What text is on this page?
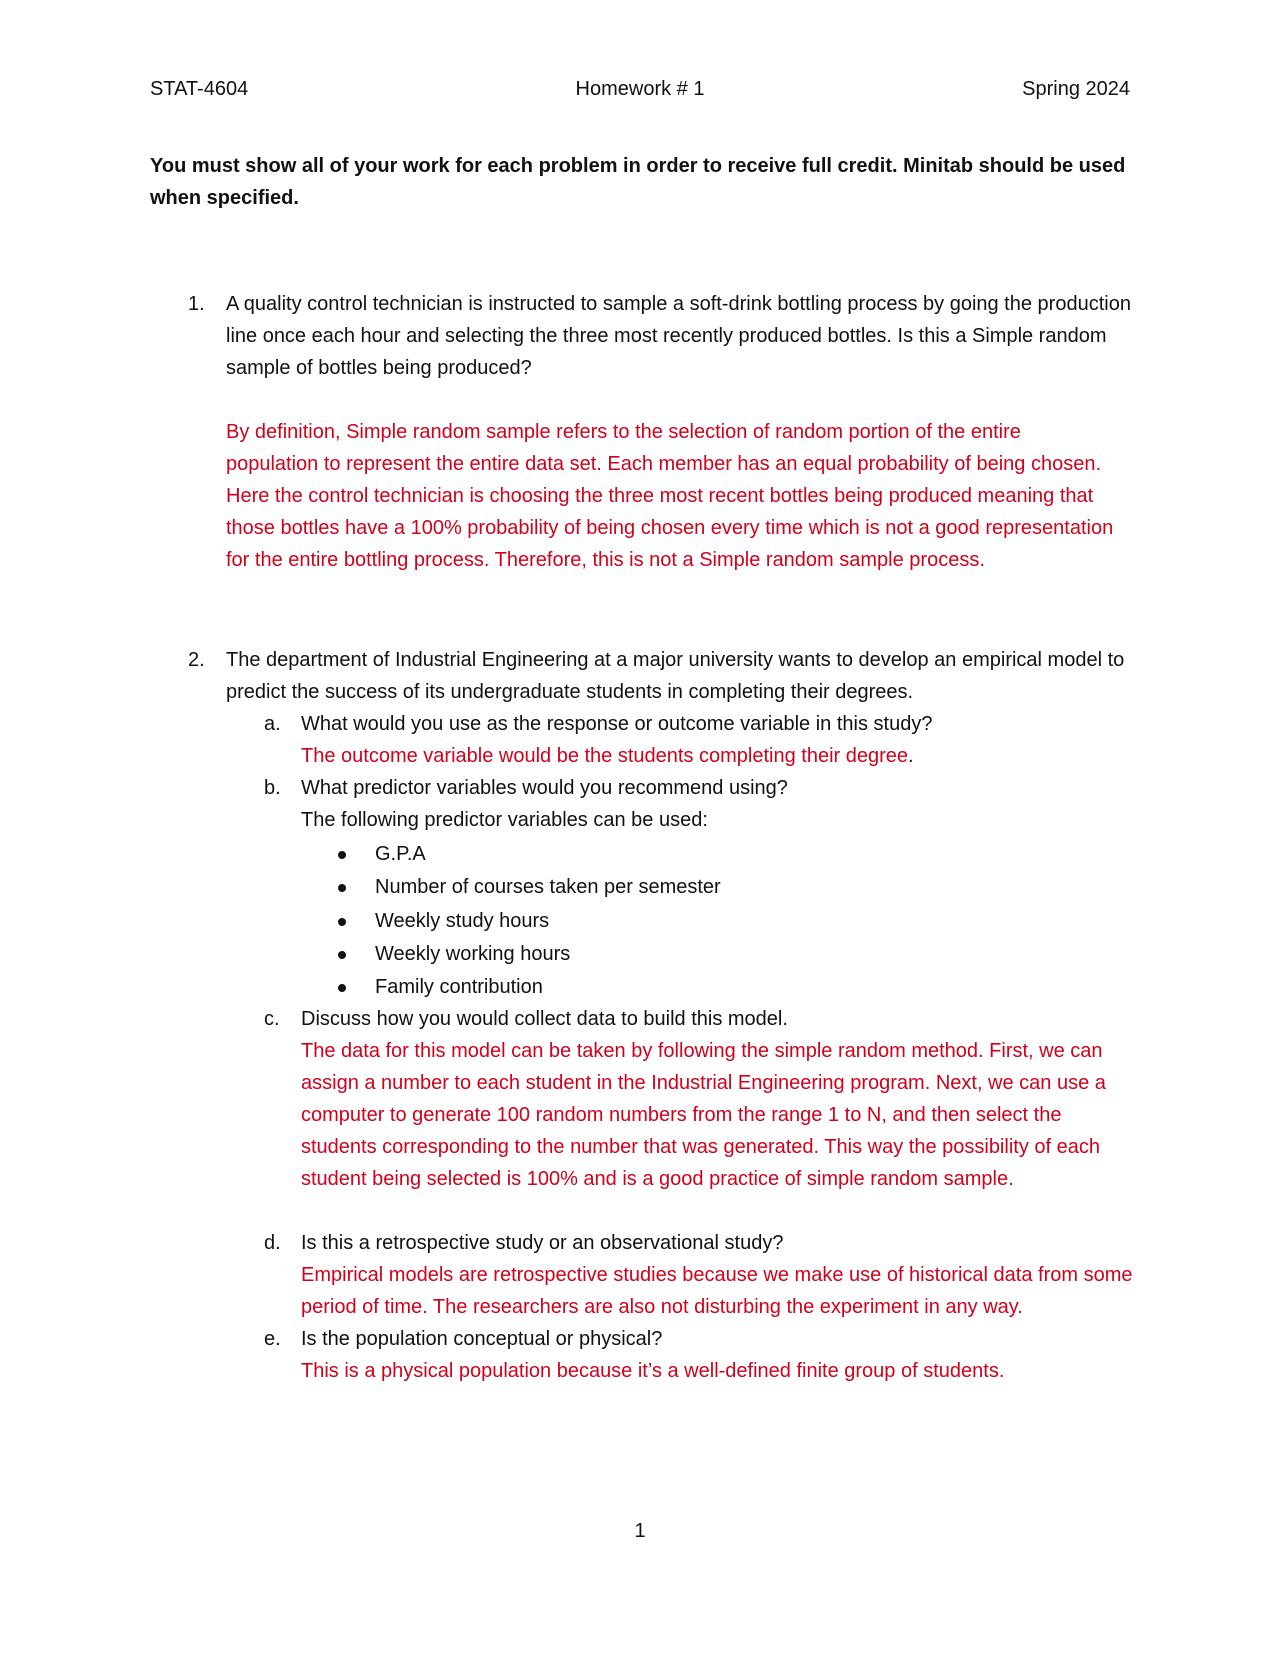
STAT-4604	Homework # 1	Spring 2024
You must show all of your work for each problem in order to receive full credit. Minitab should be used when specified.
1. A quality control technician is instructed to sample a soft-drink bottling process by going the production line once each hour and selecting the three most recently produced bottles. Is this a Simple random sample of bottles being produced?
By definition, Simple random sample refers to the selection of random portion of the entire population to represent the entire data set. Each member has an equal probability of being chosen. Here the control technician is choosing the three most recent bottles being produced meaning that those bottles have a 100% probability of being chosen every time which is not a good representation for the entire bottling process. Therefore, this is not a Simple random sample process.
2. The department of Industrial Engineering at a major university wants to develop an empirical model to predict the success of its undergraduate students in completing their degrees.
a. What would you use as the response or outcome variable in this study?
The outcome variable would be the students completing their degree.
b. What predictor variables would you recommend using?
The following predictor variables can be used:
G.P.A
Number of courses taken per semester
Weekly study hours
Weekly working hours
Family contribution
c. Discuss how you would collect data to build this model.
The data for this model can be taken by following the simple random method. First, we can assign a number to each student in the Industrial Engineering program. Next, we can use a computer to generate 100 random numbers from the range 1 to N, and then select the students corresponding to the number that was generated. This way the possibility of each student being selected is 100% and is a good practice of simple random sample.
d. Is this a retrospective study or an observational study?
Empirical models are retrospective studies because we make use of historical data from some period of time. The researchers are also not disturbing the experiment in any way.
e. Is the population conceptual or physical?
This is a physical population because it’s a well-defined finite group of students.
1
